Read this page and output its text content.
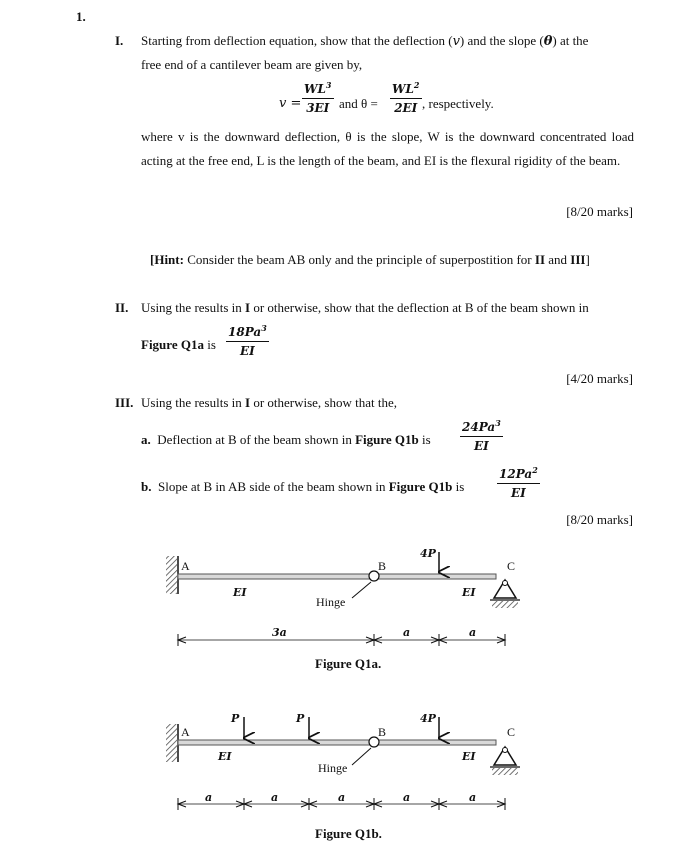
1.
I. Starting from deflection equation, show that the deflection (v) and the slope (θ) at the
free end of a cantilever beam are given by,
$v = \frac{WL^3}{3EI}$ and $\theta = \frac{WL^2}{2EI}$ , respectively.
where v is the downward deflection, θ is the slope, W is the downward concentrated load acting at the free end, L is the length of the beam, and EI is the flexural rigidity of the beam.
[8/20 marks]
[Hint: Consider the beam AB only and the principle of superpostition for II and III]
II. Using the results in I or otherwise, show that the deflection at B of the beam shown in
Figure Q1a is $\frac{18Pa^3}{EI}$
[4/20 marks]
III. Using the results in I or otherwise, show that the,
a. Deflection at B of the beam shown in Figure Q1b is $\frac{24Pa^3}{EI}$
b. Slope at B in AB side of the beam shown in Figure Q1b is	$\frac{12Pa^2}{EI}$
[8/20 marks]
A	B	C
4P
EI	EI
Hinge
3a	a	a
A	B	C
P	P	4P
EI	EI
Hinge
a	a	a	a	a
Figure Q1a.
Figure Q1b.
